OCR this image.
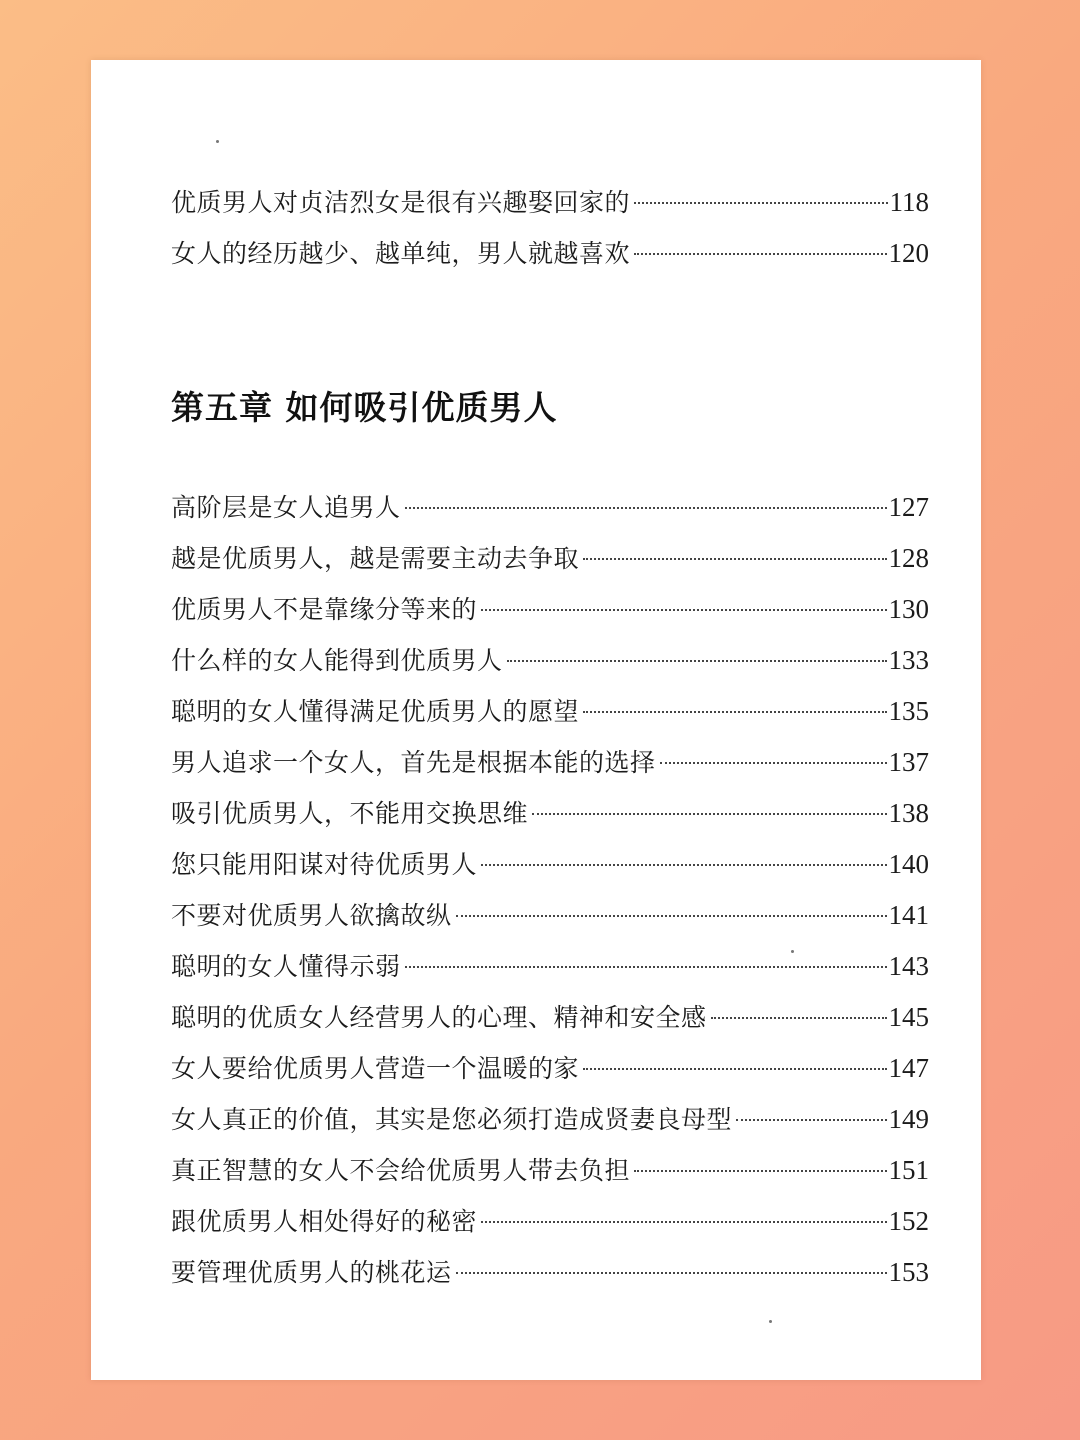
优质男人对贞洁烈女是很有兴趣娶回家的	118
女人的经历越少、越单纯，男人就越喜欢	120
第五章 如何吸引优质男人
高阶层是女人追男人	127
越是优质男人，越是需要主动去争取	128
优质男人不是靠缘分等来的	130
什么样的女人能得到优质男人	133
聪明的女人懂得满足优质男人的愿望	135
男人追求一个女人，首先是根据本能的选择	137
吸引优质男人，不能用交换思维	138
您只能用阳谋对待优质男人	140
不要对优质男人欲擒故纵	141
聪明的女人懂得示弱	143
聪明的优质女人经营男人的心理、精神和安全感	145
女人要给优质男人营造一个温暖的家	147
女人真正的价值，其实是您必须打造成贤妻良母型	149
真正智慧的女人不会给优质男人带去负担	151
跟优质男人相处得好的秘密	152
要管理优质男人的桃花运	153
